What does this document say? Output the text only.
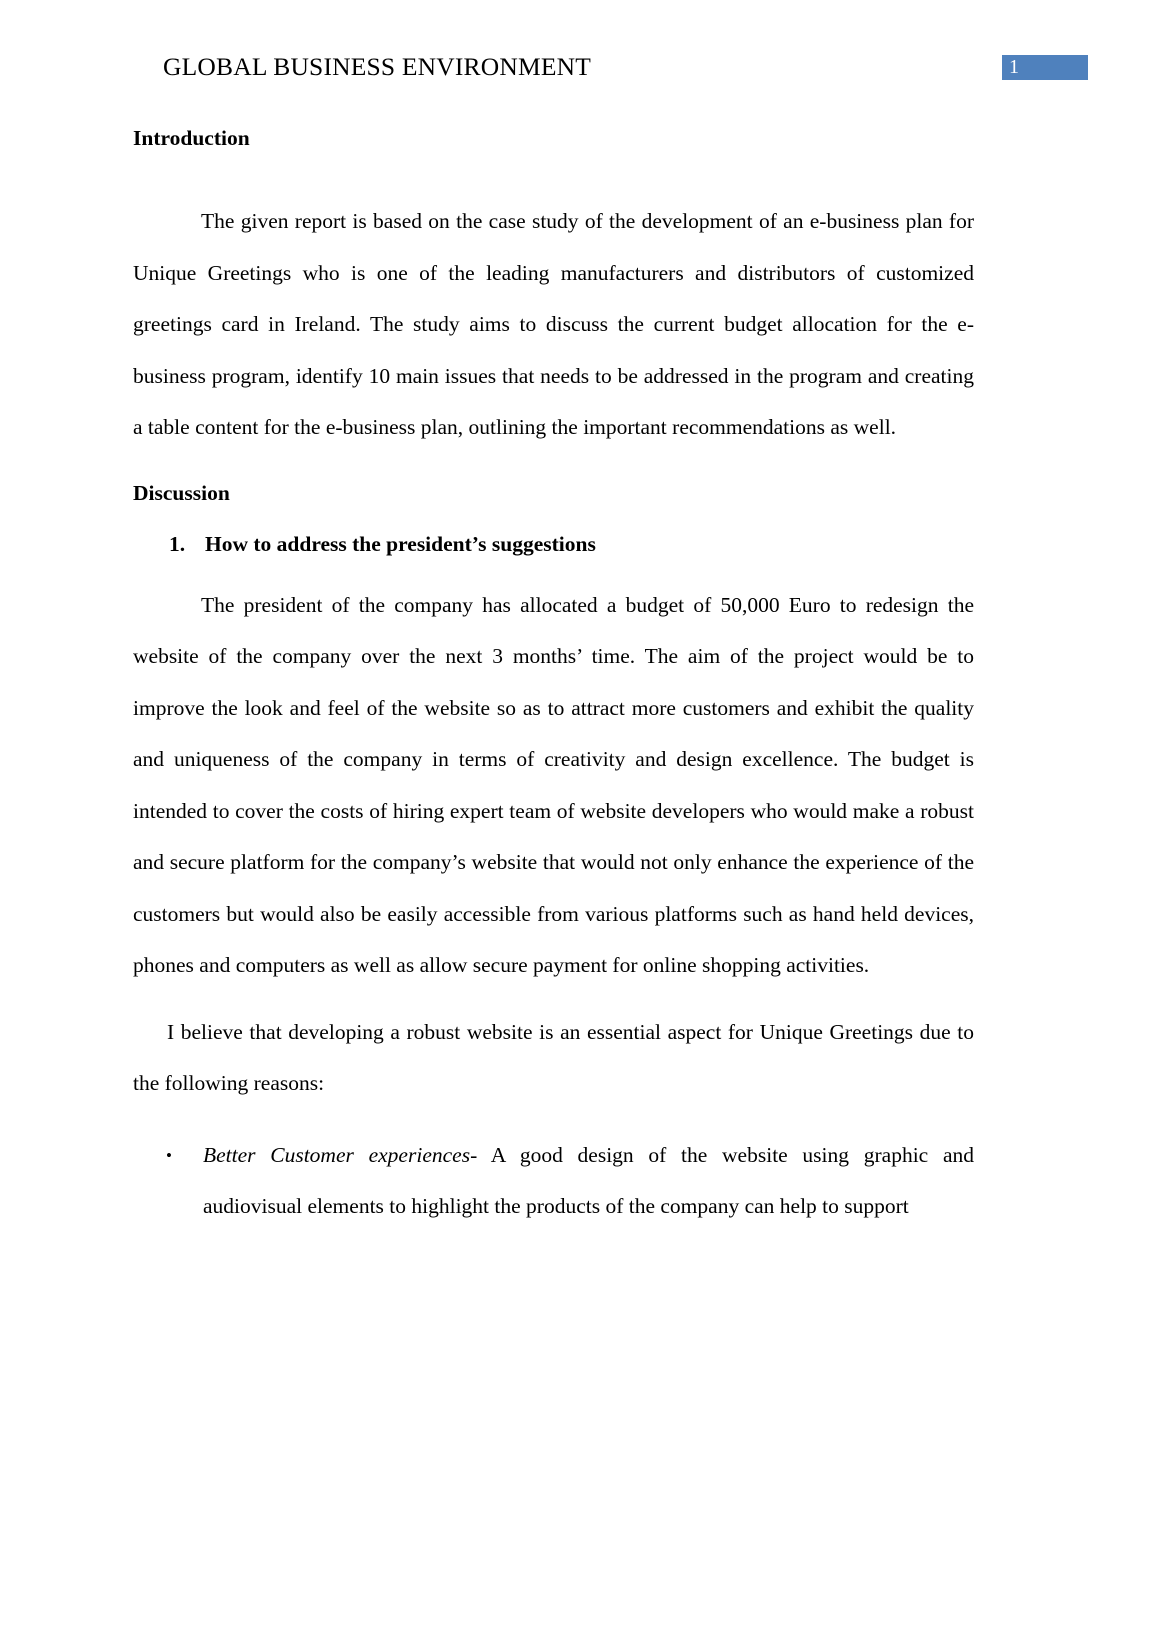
GLOBAL BUSINESS ENVIRONMENT	1
Introduction

The given report is based on the case study of the development of an e-business plan for Unique Greetings who is one of the leading manufacturers and distributors of customized greetings card in Ireland. The study aims to discuss the current budget allocation for the e-business program, identify 10 main issues that needs to be addressed in the program and creating a table content for the e-business plan, outlining the important recommendations as well.

Discussion
1. How to address the president’s suggestions

The president of the company has allocated a budget of 50,000 Euro to redesign the website of the company over the next 3 months’ time. The aim of the project would be to improve the look and feel of the website so as to attract more customers and exhibit the quality and uniqueness of the company in terms of creativity and design excellence. The budget is intended to cover the costs of hiring expert team of website developers who would make a robust and secure platform for the company’s website that would not only enhance the experience of the customers but would also be easily accessible from various platforms such as hand held devices, phones and computers as well as allow secure payment for online shopping activities.

I believe that developing a robust website is an essential aspect for Unique Greetings due to the following reasons:

•	Better Customer experiences- A good design of the website using graphic and audiovisual elements to highlight the products of the company can help to support
